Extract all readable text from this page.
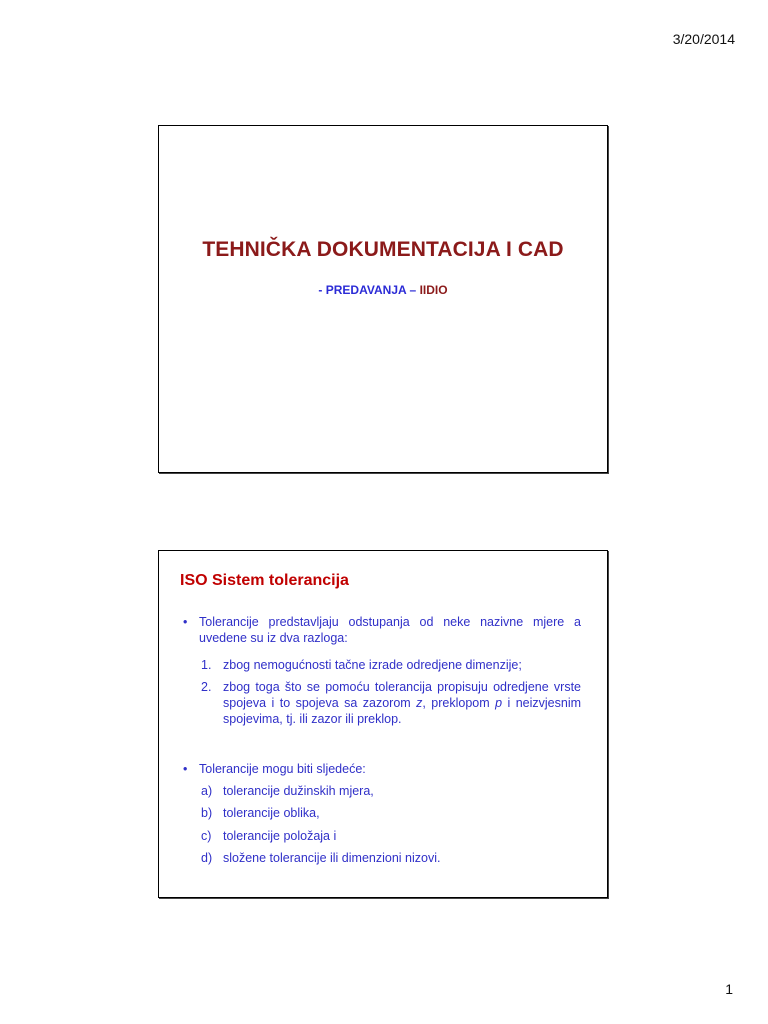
3/20/2014
TEHNIČKA DOKUMENTACIJA I CAD
- PREDAVANJA – IIDIO
ISO Sistem tolerancija
• Tolerancije predstavljaju odstupanja od neke nazivne mjere a uvedene su iz dva razloga:
1. zbog nemogućnosti tačne izrade odredjene dimenzije;
2. zbog toga što se pomoću tolerancija propisuju odredjene vrste spojeva i to spojeva sa zazorom z, preklopom p i neizvjesnim spojevima, tj. ili zazor ili preklop.
• Tolerancije mogu biti sljedeće:
a) tolerancije dužinskih mjera,
b) tolerancije oblika,
c) tolerancije položaja i
d) složene tolerancije ili dimenzioni nizovi.
1
